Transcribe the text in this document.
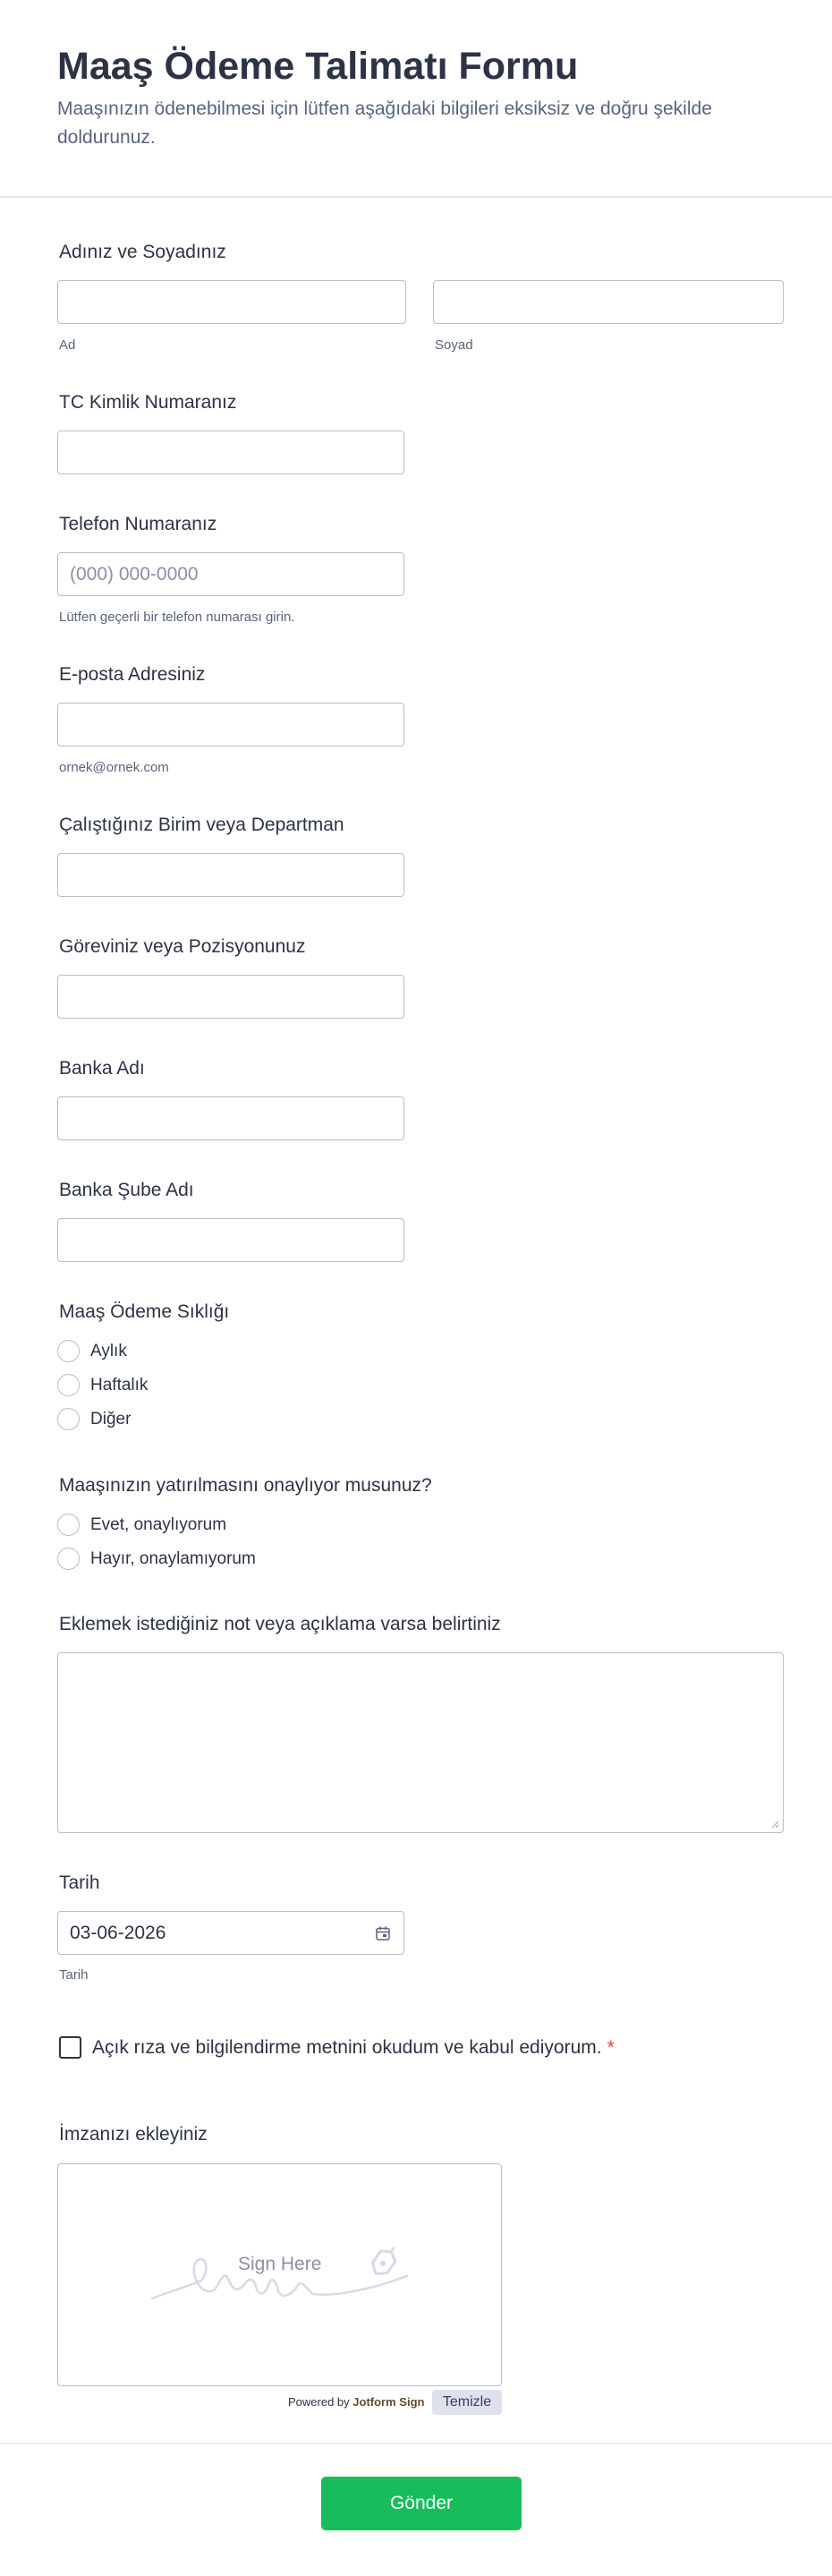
Maaş Ödeme Talimatı Formu

Maaşınızın ödenebilmesi için lütfen aşağıdaki bilgileri eksiksiz ve doğru şekilde doldurunuz.

Adınız ve Soyadınız
Ad	Soyad
TC Kimlik Numaranız
Telefon Numaranız
(000) 000-0000
Lütfen geçerli bir telefon numarası girin.
E-posta Adresiniz
ornek@ornek.com
Çalıştığınız Birim veya Departman
Göreviniz veya Pozisyonunuz
Banka Adı
Banka Şube Adı
Maaş Ödeme Sıklığı
Aylık
Haftalık
Diğer
Maaşınızın yatırılmasını onaylıyor musunuz?
Evet, onaylıyorum
Hayır, onaylamıyorum
Eklemek istediğiniz not veya açıklama varsa belirtiniz
Tarih
03-06-2026
Tarih
Açık rıza ve bilgilendirme metnini okudum ve kabul ediyorum. *
İmzanızı ekleyiniz
Sign Here
Powered by Jotform Sign	Temizle
Gönder
